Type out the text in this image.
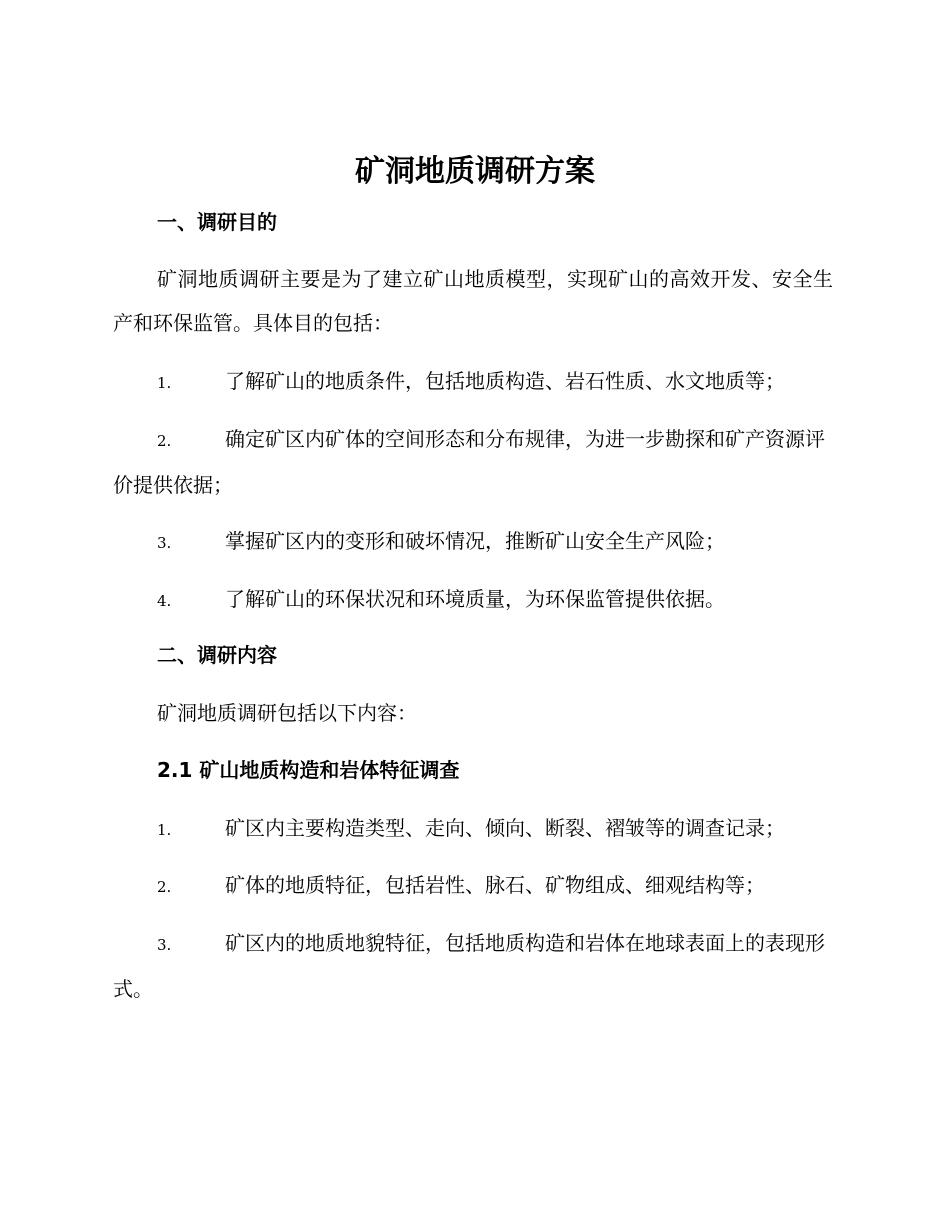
矿洞地质调研方案
一、调研目的

矿洞地质调研主要是为了建立矿山地质模型，实现矿山的高效开发、安全生产和环保监管。具体目的包括：

1.	了解矿山的地质条件，包括地质构造、岩石性质、水文地质等；

2.	确定矿区内矿体的空间形态和分布规律，为进一步勘探和矿产资源评价提供依据；

3.	掌握矿区内的变形和破坏情况，推断矿山安全生产风险；

4.	了解矿山的环保状况和环境质量，为环保监管提供依据。

二、调研内容

矿洞地质调研包括以下内容：

2.1 矿山地质构造和岩体特征调查

1.	矿区内主要构造类型、走向、倾向、断裂、褶皱等的调查记录；

2.	矿体的地质特征，包括岩性、脉石、矿物组成、细观结构等；

3.	矿区内的地质地貌特征，包括地质构造和岩体在地球表面上的表现形式。
